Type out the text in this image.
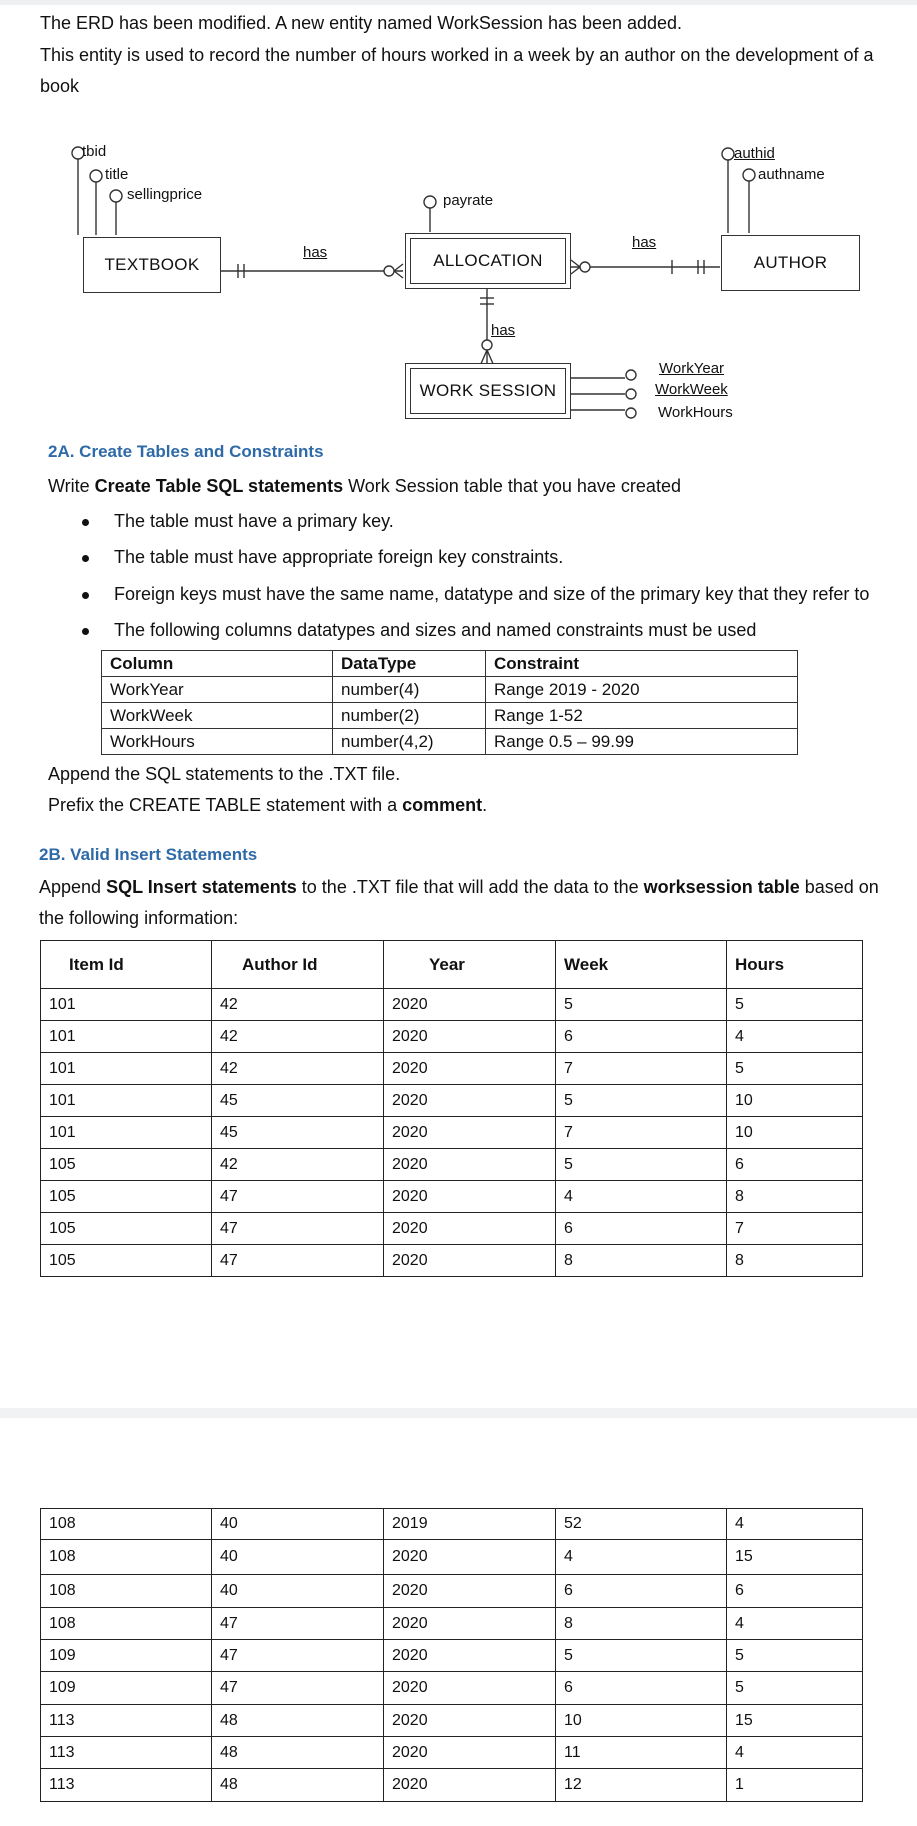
The ERD has been modified. A new entity named WorkSession has been added.
This entity is used to record the number of hours worked in a week by an author on the development of a
book
TEXTBOOK	ALLOCATION	AUTHOR
WORK SESSION
tbid
title
sellingprice	payrate
authid
authname
WorkYear
WorkWeek
WorkHours
has
has
has
2A. Create Tables and Constraints
Write Create Table SQL statements Work Session table that you have created
The table must have a primary key.
The table must have appropriate foreign key constraints.
Foreign keys must have the same name, datatype and size of the primary key that they refer to
The following columns datatypes and sizes and named constraints must be used
Column	DataType	Constraint
WorkYear	number(4)	Range 2019 - 2020
WorkWeek	number(2)	Range 1-52
WorkHours	number(4,2)	Range 0.5 – 99.99
Append the SQL statements to the .TXT file.
Prefix the CREATE TABLE statement with a comment.
2B. Valid Insert Statements
Append SQL Insert statements to the .TXT file that will add the data to the worksession table based on
the following information:
Item Id	Author Id	Year	Week	Hours
101	42	2020	5	5
101	42	2020	6	4
101	42	2020	7	5
101	45	2020	5	10
101	45	2020	7	10
105	42	2020	5	6
105	47	2020	4	8
105	47	2020	6	7
105	47	2020	8	8
108	40	2019	52	4
108	40	2020	4	15
108	40	2020	6	6
108	47	2020	8	4
109	47	2020	5	5
109	47	2020	6	5
113	48	2020	10	15
113	48	2020	11	4
113	48	2020	12	1
